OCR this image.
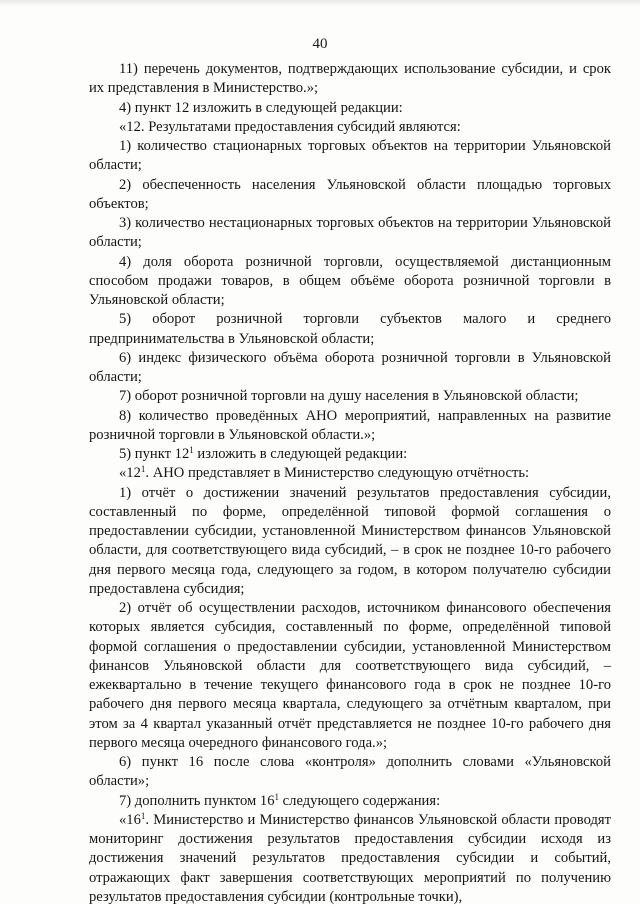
40

11) перечень документов, подтверждающих использование субсидии, и срок их представления в Министерство.»;

4) пункт 12 изложить в следующей редакции:

«12. Результатами предоставления субсидий являются:

1) количество стационарных торговых объектов на территории Ульяновской области;

2) обеспеченность населения Ульяновской области площадью торговых объектов;

3) количество нестационарных торговых объектов на территории Ульяновской области;

4) доля оборота розничной торговли, осуществляемой дистанционным способом продажи товаров, в общем объёме оборота розничной торговли в Ульяновской области;

5) оборот розничной торговли субъектов малого и среднего предпринимательства в Ульяновской области;

6) индекс физического объёма оборота розничной торговли в Ульяновской области;

7) оборот розничной торговли на душу населения в Ульяновской области;

8) количество проведённых АНО мероприятий, направленных на развитие розничной торговли в Ульяновской области.»;

5) пункт $12^1$ изложить в следующей редакции:

«$12^1$. АНО представляет в Министерство следующую отчётность:

1) отчёт о достижении значений результатов предоставления субсидии, составленный по форме, определённой типовой формой соглашения о предоставлении субсидии, установленной Министерством финансов Ульяновской области, для соответствующего вида субсидий, – в срок не позднее 10-го рабочего дня первого месяца года, следующего за годом, в котором получателю субсидии предоставлена субсидия;

2) отчёт об осуществлении расходов, источником финансового обеспечения которых является субсидия, составленный по форме, определённой типовой формой соглашения о предоставлении субсидии, установленной Министерством финансов Ульяновской области для соответствующего вида субсидий, – ежеквартально в течение текущего финансового года в срок не позднее 10-го рабочего дня первого месяца квартала, следующего за отчётным кварталом, при этом за 4 квартал указанный отчёт представляется не позднее 10-го рабочего дня первого месяца очередного финансового года.»;

6) пункт 16 после слова «контроля» дополнить словами «Ульяновской области»;

7) дополнить пунктом $16^1$ следующего содержания:

«$16^1$. Министерство и Министерство финансов Ульяновской области проводят мониторинг достижения результатов предоставления субсидии исходя из достижения значений результатов предоставления субсидии и событий, отражающих факт завершения соответствующих мероприятий по получению результатов предоставления субсидии (контрольные точки),
